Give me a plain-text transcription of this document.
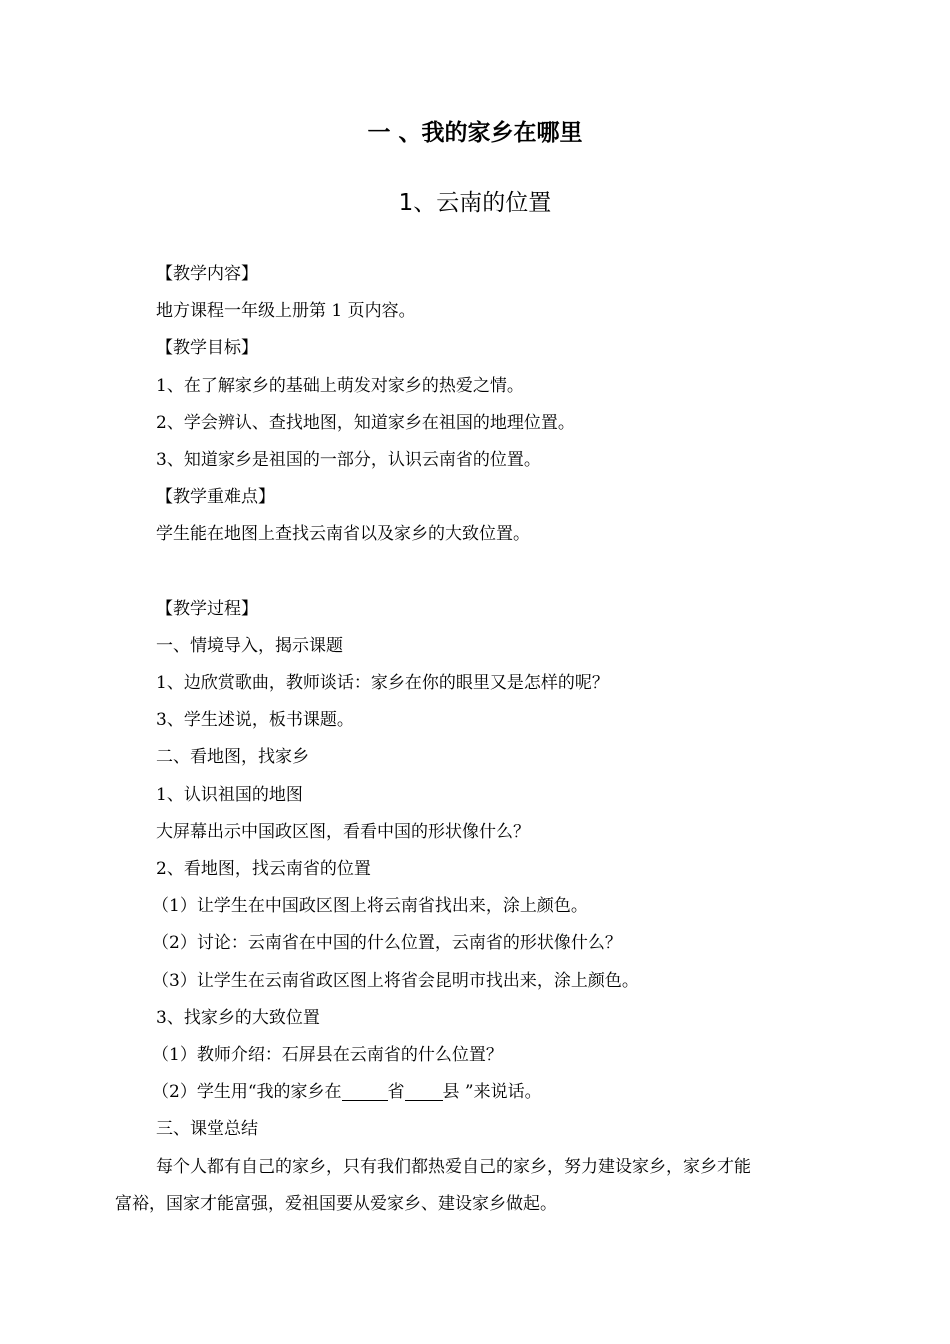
一 、我的家乡在哪里
1、云南的位置
【教学内容】
地方课程一年级上册第 1 页内容。
【教学目标】
1、在了解家乡的基础上萌发对家乡的热爱之情。
2、学会辨认、查找地图，知道家乡在祖国的地理位置。
3、知道家乡是祖国的一部分，认识云南省的位置。
【教学重难点】
学生能在地图上查找云南省以及家乡的大致位置。
【教学过程】
一、情境导入，揭示课题
1、边欣赏歌曲，教师谈话：家乡在你的眼里又是怎样的呢？
3、学生述说，板书课题。
二、看地图，找家乡
1、认识祖国的地图
大屏幕出示中国政区图，看看中国的形状像什么？
2、看地图，找云南省的位置
（1）让学生在中国政区图上将云南省找出来，涂上颜色。
（2）讨论：云南省在中国的什么位置，云南省的形状像什么？
（3）让学生在云南省政区图上将省会昆明市找出来，涂上颜色。
3、找家乡的大致位置
（1）教师介绍：石屏县在云南省的什么位置？
（2）学生用“我的家乡在	省 县 ”来说话。
三、课堂总结
每个人都有自己的家乡，只有我们都热爱自己的家乡，努力建设家乡，家乡才能
富裕，国家才能富强，爱祖国要从爱家乡、建设家乡做起。
